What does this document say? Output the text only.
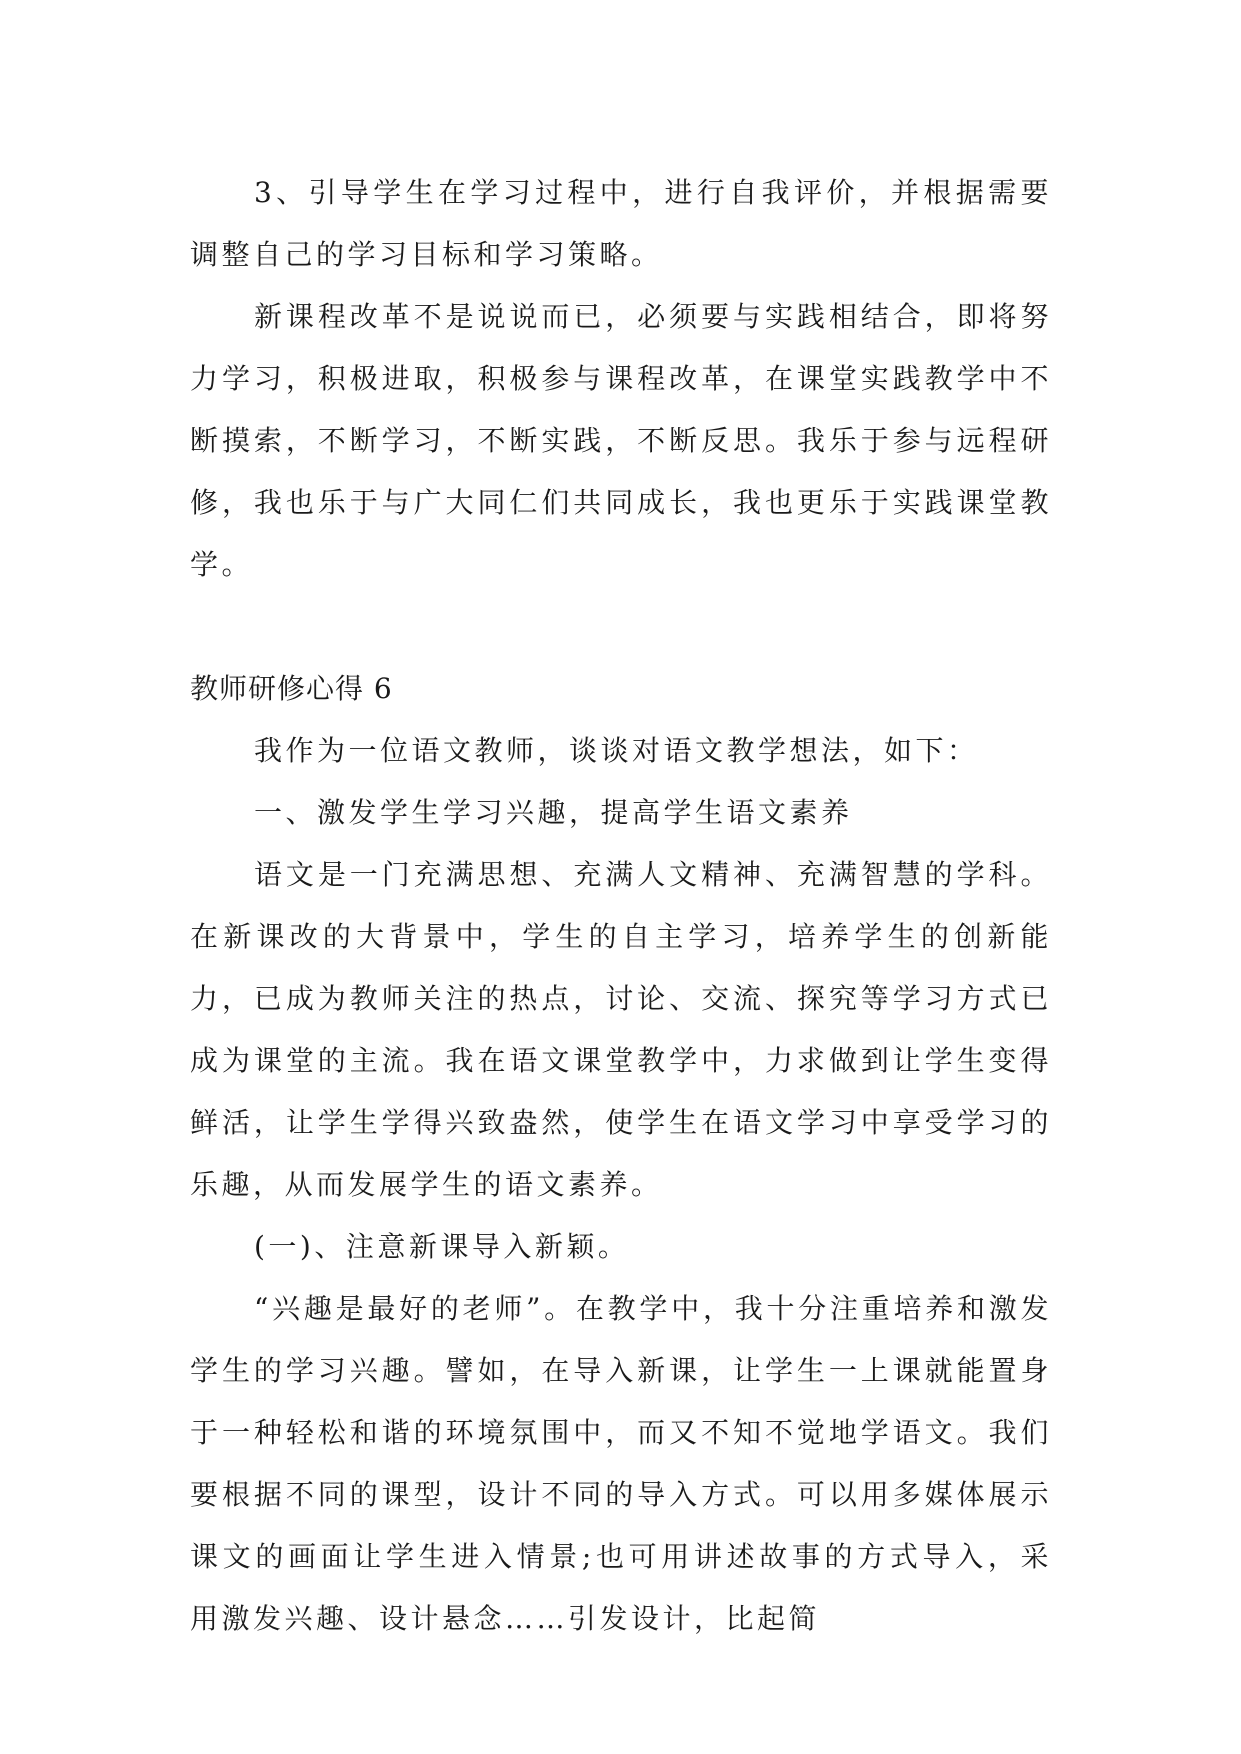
3、引导学生在学习过程中，进行自我评价，并根据需要调整自己的学习目标和学习策略。

新课程改革不是说说而已，必须要与实践相结合，即将努力学习，积极进取，积极参与课程改革，在课堂实践教学中不断摸索，不断学习，不断实践，不断反思。我乐于参与远程研修，我也乐于与广大同仁们共同成长，我也更乐于实践课堂教学。

教师研修心得 6

我作为一位语文教师，谈谈对语文教学想法，如下：

一、激发学生学习兴趣，提高学生语文素养

语文是一门充满思想、充满人文精神、充满智慧的学科。在新课改的大背景中，学生的自主学习，培养学生的创新能力，已成为教师关注的热点，讨论、交流、探究等学习方式已成为课堂的主流。我在语文课堂教学中，力求做到让学生变得鲜活，让学生学得兴致盎然，使学生在语文学习中享受学习的乐趣，从而发展学生的语文素养。

(一)、注意新课导入新颖。

“兴趣是最好的老师”。在教学中，我十分注重培养和激发学生的学习兴趣。譬如，在导入新课，让学生一上课就能置身于一种轻松和谐的环境氛围中，而又不知不觉地学语文。我们要根据不同的课型，设计不同的导入方式。可以用多媒体展示课文的画面让学生进入情景;也可用讲述故事的方式导入，采用激发兴趣、设计悬念……引发设计，比起简
